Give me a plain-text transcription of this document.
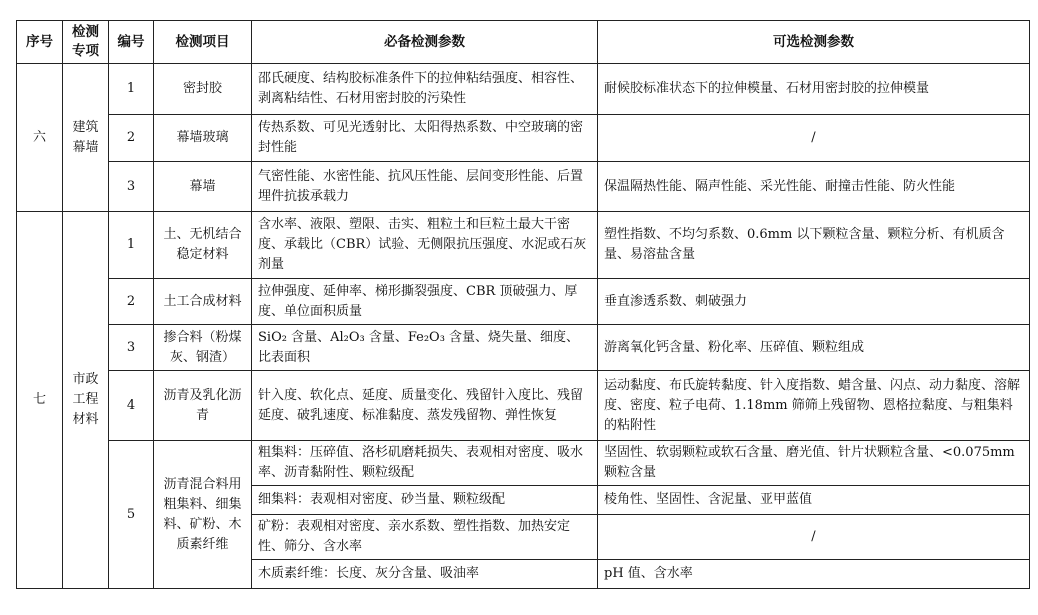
序号	检测专项	编号	检测项目	必备检测参数	可选检测参数
六	建筑幕墙	1	密封胶	邵氏硬度、结构胶标准条件下的拉伸粘结强度、相容性、剥离粘结性、石材用密封胶的污染性	耐候胶标准状态下的拉伸模量、石材用密封胶的拉伸模量
		2	幕墙玻璃	传热系数、可见光透射比、太阳得热系数、中空玻璃的密封性能	/
		3	幕墙	气密性能、水密性能、抗风压性能、层间变形性能、后置埋件抗拔承载力	保温隔热性能、隔声性能、采光性能、耐撞击性能、防火性能
七	市政工程材料	1	土、无机结合稳定材料	含水率、液限、塑限、击实、粗粒土和巨粒土最大干密度、承载比（CBR）试验、无侧限抗压强度、水泥或石灰剂量	塑性指数、不均匀系数、0.6mm 以下颗粒含量、颗粒分析、有机质含量、易溶盐含量
		2	土工合成材料	拉伸强度、延伸率、梯形撕裂强度、CBR 顶破强力、厚度、单位面积质量	垂直渗透系数、刺破强力
		3	掺合料（粉煤灰、钢渣）	SiO₂ 含量、Al₂O₃ 含量、Fe₂O₃ 含量、烧失量、细度、比表面积	游离氧化钙含量、粉化率、压碎值、颗粒组成
		4	沥青及乳化沥青	针入度、软化点、延度、质量变化、残留针入度比、残留延度、破乳速度、标准黏度、蒸发残留物、弹性恢复	运动黏度、布氏旋转黏度、针入度指数、蜡含量、闪点、动力黏度、溶解度、密度、粒子电荷、1.18mm 筛筛上残留物、恩格拉黏度、与粗集料的粘附性
		5	沥青混合料用粗集料、细集料、矿粉、木质素纤维	粗集料：压碎值、洛杉矶磨耗损失、表观相对密度、吸水率、沥青黏附性、颗粒级配	坚固性、软弱颗粒或软石含量、磨光值、针片状颗粒含量、<0.075mm 颗粒含量
				细集料：表观相对密度、砂当量、颗粒级配	棱角性、坚固性、含泥量、亚甲蓝值
				矿粉：表观相对密度、亲水系数、塑性指数、加热安定性、筛分、含水率	/
				木质素纤维：长度、灰分含量、吸油率	pH 值、含水率
